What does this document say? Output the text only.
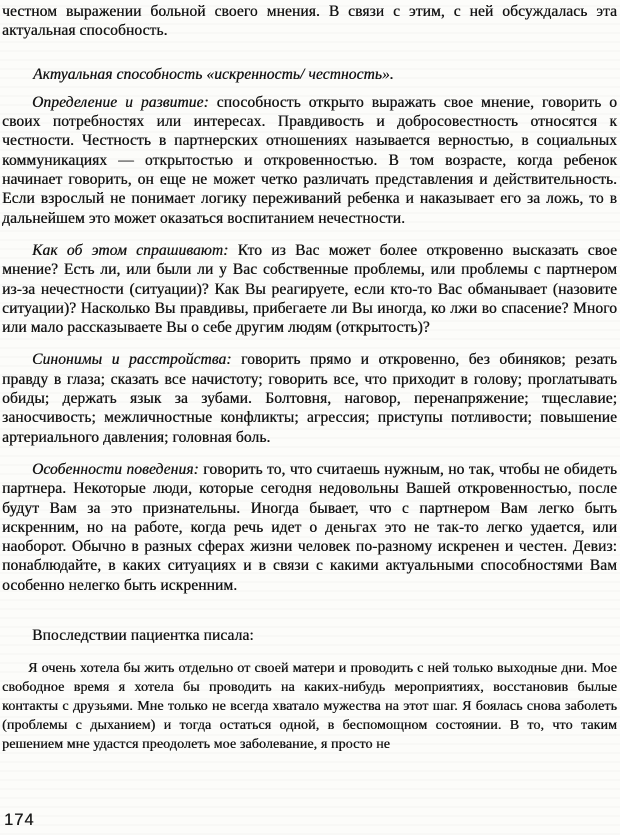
честном выражении больной своего мнения. В связи с этим, с ней обсуждалась эта актуальная способность.

Актуальная способность «искренность/ честность».

Определение и развитие: способность открыто выражать свое мнение, говорить о своих потребностях или интересах. Правдивость и добросовестность относятся к честности. Честность в партнерских отношениях называется верностью, в социальных коммуникациях — открытостью и откровенностью. В том возрасте, когда ребенок начинает говорить, он еще не может четко различать представления и действительность. Если взрослый не понимает логику переживаний ребенка и наказывает его за ложь, то в дальнейшем это может оказаться воспитанием нечестности.

Как об этом спрашивают: Кто из Вас может более откровенно высказать свое мнение? Есть ли, или были ли у Вас собственные проблемы, или проблемы с партнером из-за нечестности (ситуации)? Как Вы реагируете, если кто-то Вас обманывает (назовите ситуации)? Насколько Вы правдивы, прибегаете ли Вы иногда, ко лжи во спасение? Много или мало рассказываете Вы о себе другим людям (открытость)?

Синонимы и расстройства: говорить прямо и откровенно, без обиняков; резать правду в глаза; сказать все начистоту; говорить все, что приходит в голову; проглатывать обиды; держать язык за зубами. Болтовня, наговор, перенапряжение; тщеславие; заносчивость; межличностные конфликты; агрессия; приступы потливости; повышение артериального давления; головная боль.

Особенности поведения: говорить то, что считаешь нужным, но так, чтобы не обидеть партнера. Некоторые люди, которые сегодня недовольны Вашей откровенностью, после будут Вам за это признательны. Иногда бывает, что с партнером Вам легко быть искренним, но на работе, когда речь идет о деньгах это не так-то легко удается, или наоборот. Обычно в разных сферах жизни человек по-разному искренен и честен. Девиз: понаблюдайте, в каких ситуациях и в связи с какими актуальными способностями Вам особенно нелегко быть искренним.

Впоследствии пациентка писала:

Я очень хотела бы жить отдельно от своей матери и проводить с ней только выходные дни. Мое свободное время я хотела бы проводить на каких-нибудь мероприятиях, восстановив былые контакты с друзьями. Мне только не всегда хватало мужества на этот шаг. Я боялась снова заболеть (проблемы с дыханием) и тогда остаться одной, в беспомощном состоянии. В то, что таким решением мне удастся преодолеть мое заболевание, я просто не

174
